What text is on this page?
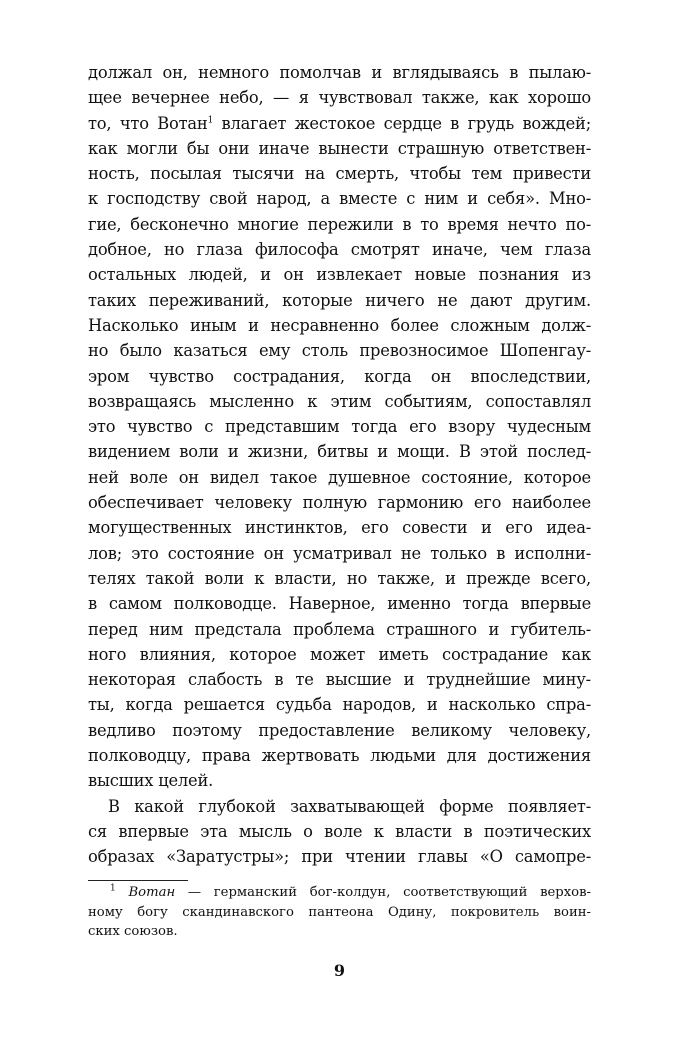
должал он, немного помолчав и вглядываясь в пылаю-
щее вечернее небо, — я чувствовал также, как хорошо
то, что Вотан$^1$ влагает жестокое сердце в грудь вождей;
как могли бы они иначе вынести страшную ответствен-
ность, посылая тысячи на смерть, чтобы тем привести
к господству свой народ, а вместе с ним и себя». Мно-
гие, бесконечно многие пережили в то время нечто по-
добное, но глаза философа смотрят иначе, чем глаза
остальных людей, и он извлекает новые познания из
таких переживаний, которые ничего не дают другим.
Насколько иным и несравненно более сложным долж-
но было казаться ему столь превозносимое Шопенгау-
эром чувство сострадания, когда он впоследствии,
возвращаясь мысленно к этим событиям, сопоставлял
это чувство с представшим тогда его взору чудесным
видением воли и жизни, битвы и мощи. В этой послед-
ней воле он видел такое душевное состояние, которое
обеспечивает человеку полную гармонию его наиболее
могущественных инстинктов, его совести и его идеа-
лов; это состояние он усматривал не только в исполни-
телях такой воли к власти, но также, и прежде всего,
в самом полководце. Наверное, именно тогда впервые
перед ним предстала проблема страшного и губитель-
ного влияния, которое может иметь сострадание как
некоторая слабость в те высшие и труднейшие мину-
ты, когда решается судьба народов, и насколько спра-
ведливо поэтому предоставление великому человеку,
полководцу, права жертвовать людьми для достижения
высших целей.
В какой глубокой захватывающей форме появляет-
ся впервые эта мысль о воле к власти в поэтических
образах «Заратустры»; при чтении главы «О самопре-
$^1$ Вотан — германский бог-колдун, соответствующий верхов-
ному богу скандинавского пантеона Одину, покровитель воин-
ских союзов.
9
